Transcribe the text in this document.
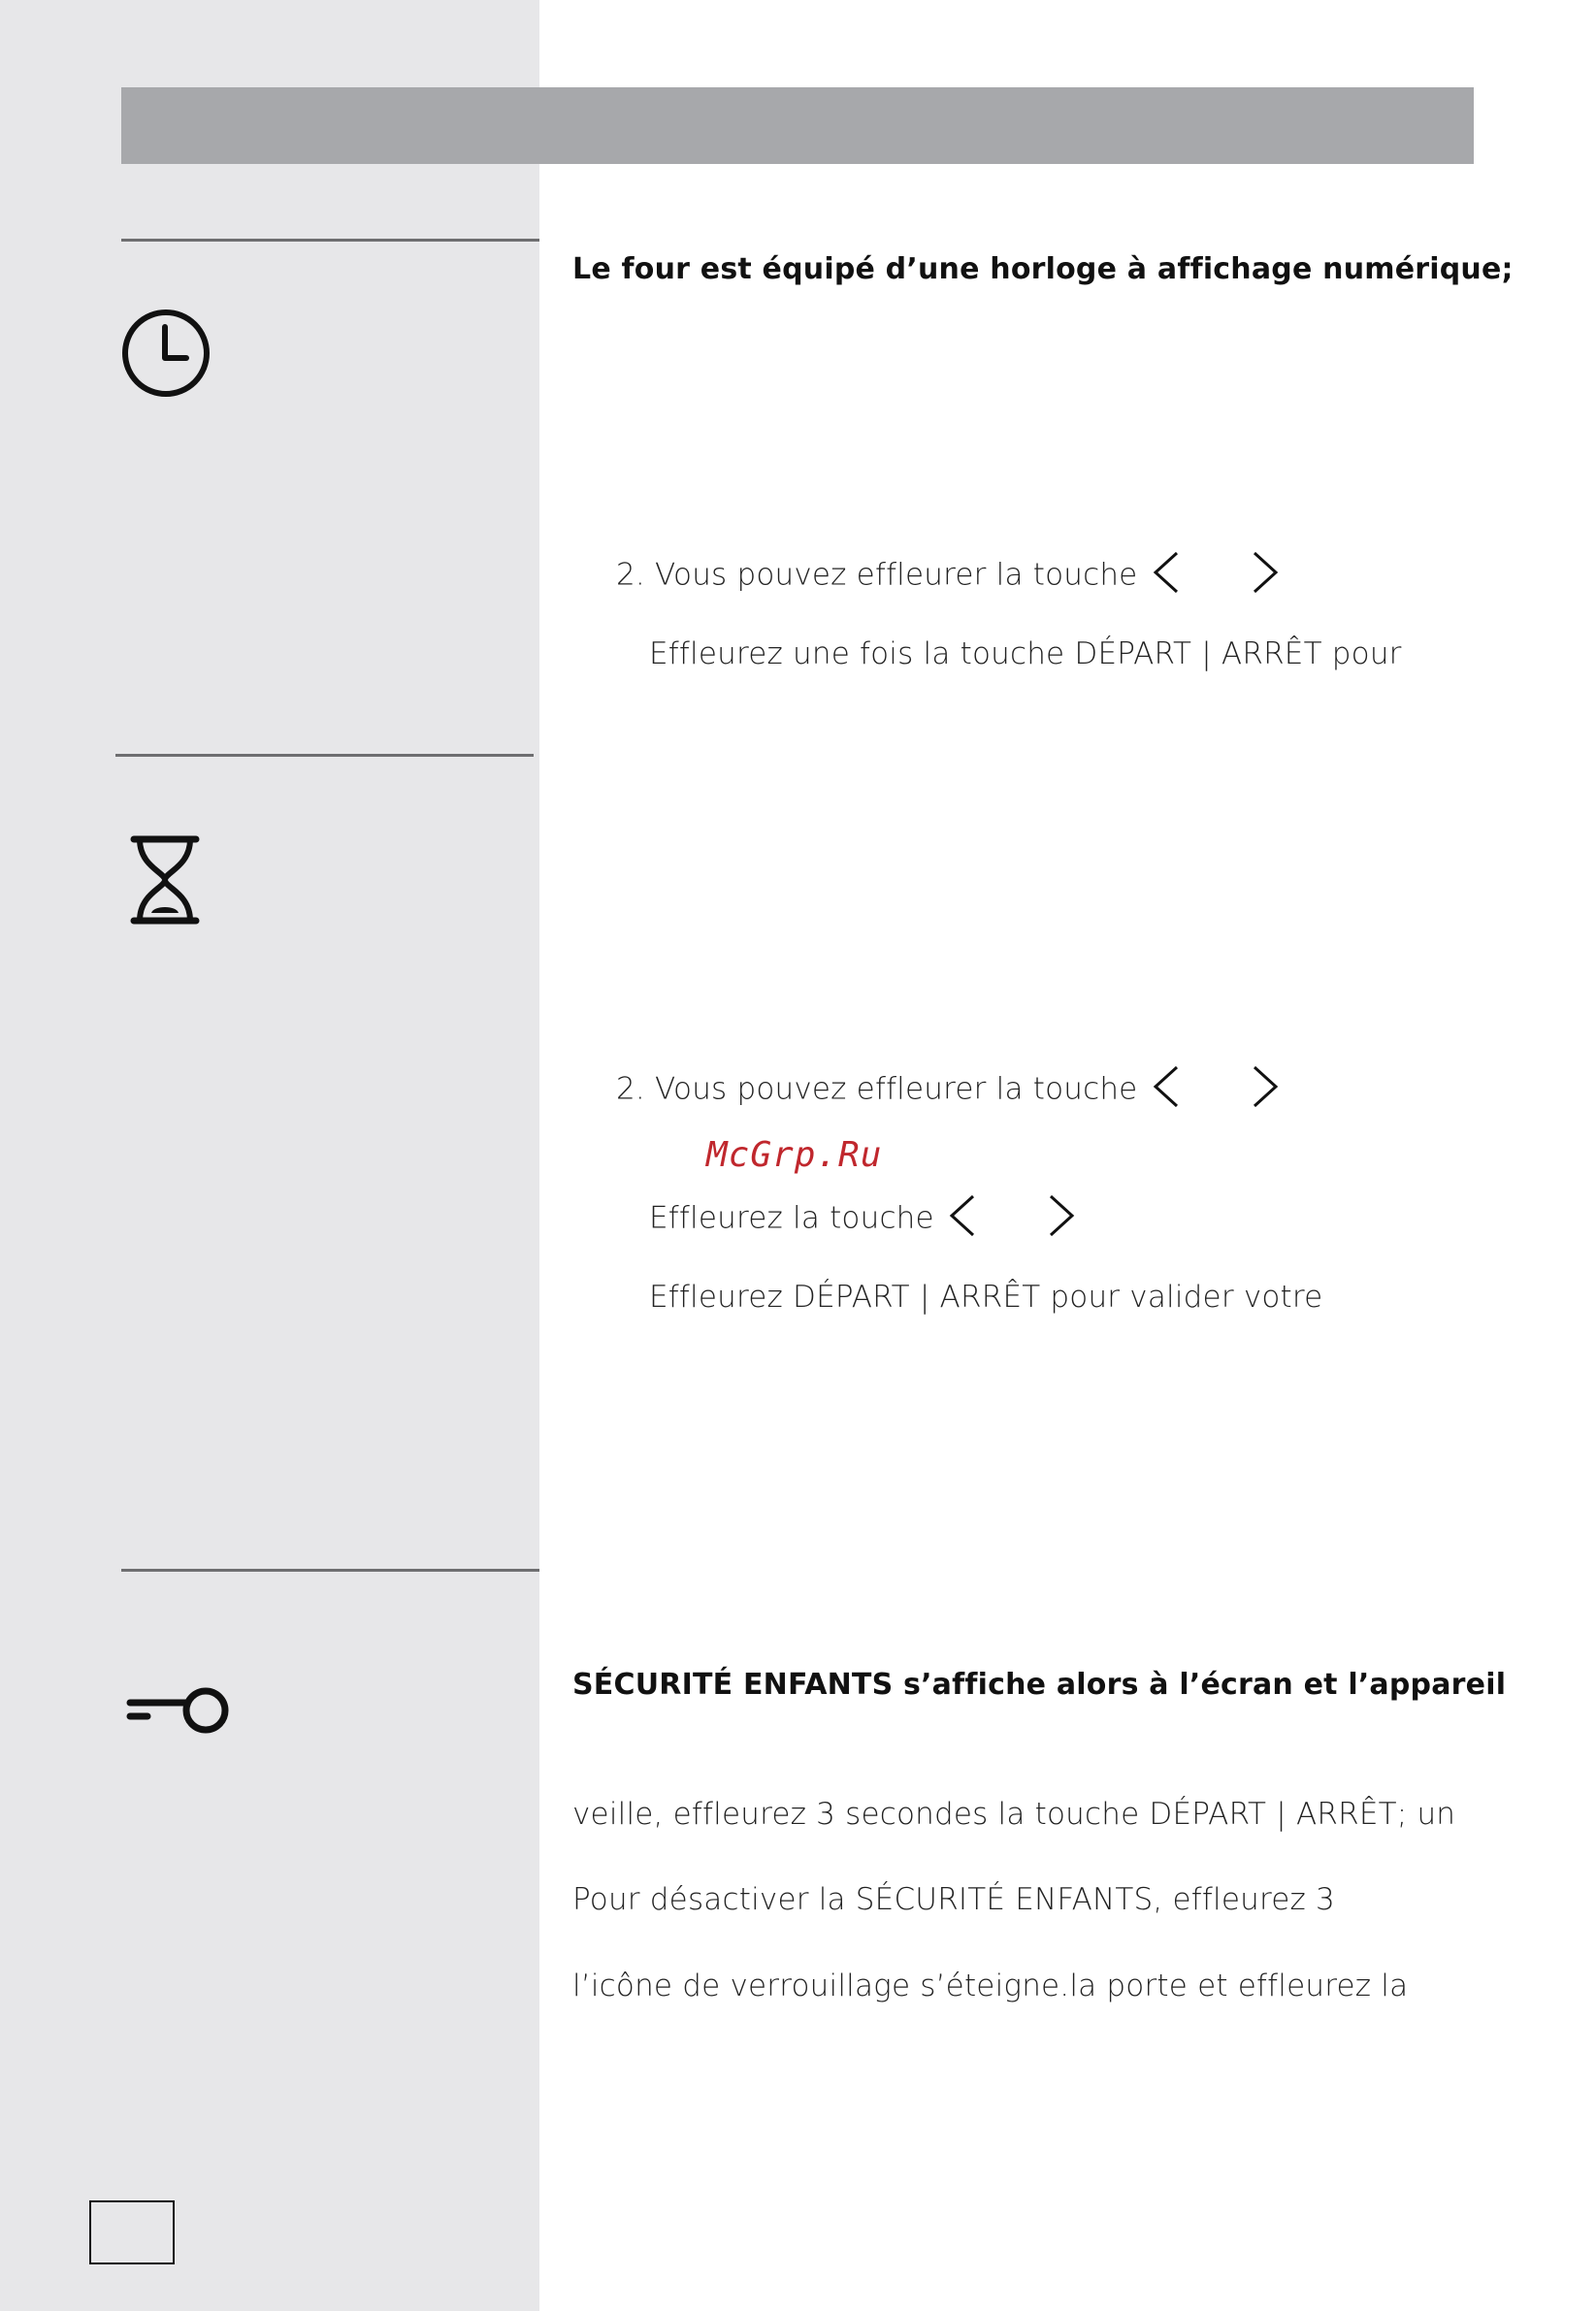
Le four est équipé d’une horloge à affichage numérique;
2. Vous pouvez effleurer la touche
Effleurez une fois la touche DÉPART | ARRÊT pour
2. Vous pouvez effleurer la touche
McGrp.Ru
Effleurez la touche
Effleurez DÉPART | ARRÊT pour valider votre
SÉCURITÉ ENFANTS s’affiche alors à l’écran et l’appareil
veille, effleurez 3 secondes la touche DÉPART | ARRÊT; un
Pour désactiver la SÉCURITÉ ENFANTS, effleurez 3
l’icône de verrouillage s’éteigne.la porte et effleurez la
